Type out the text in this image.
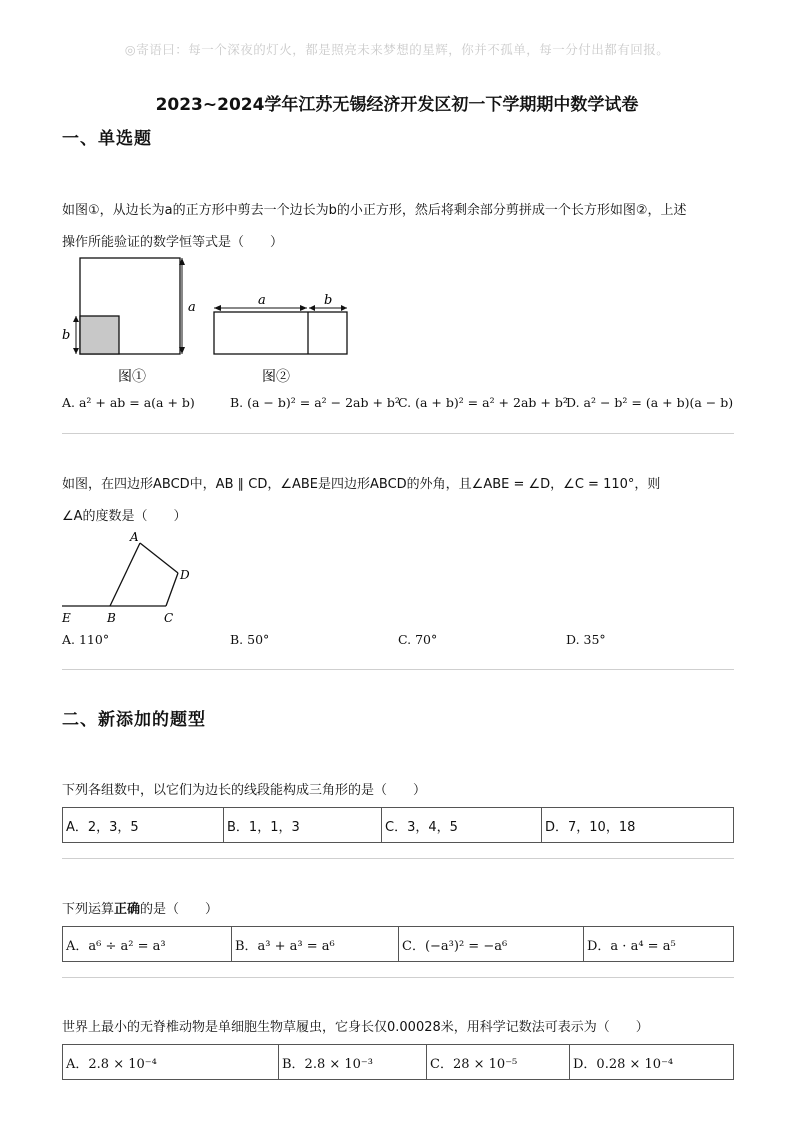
◎寄语曰：每一个深夜的灯火，都是照亮未来梦想的星辉，你并不孤单，每一分付出都有回报。
2023~2024学年江苏无锡经济开发区初一下学期期中数学试卷
一、单选题
如图①，从边长为a的正方形中剪去一个边长为b的小正方形，然后将剩余部分剪拼成一个长方形如图②，上述
操作所能验证的数学恒等式是（　　）
a
b
图①
a	b
图②
A. a² + ab = a(a + b)	B. (a − b)² = a² − 2ab + b²
C. (a + b)² = a² + 2ab + b²
D. a² − b² = (a + b)(a − b)
如图，在四边形ABCD中，AB ∥ CD，∠ABE是四边形ABCD的外角，且∠ABE = ∠D，∠C = 110°，则
∠A的度数是（　　）
A
D
B	C
E
A. 110°	B. 50°	C. 70°	D. 35°
二、新添加的题型
下列各组数中，以它们为边长的线段能构成三角形的是（　　）
A．2，3，5	B．1，1，3	C．3，4，5	D．7，10，18
下列运算正确的是（　　）
A．a⁶ ÷ a² = a³	B．a³ + a³ = a⁶	C．(−a³)² = −a⁶	D．a · a⁴ = a⁵
世界上最小的无脊椎动物是单细胞生物草履虫，它身长仅0.00028米，用科学记数法可表示为（　　）
A．2.8 × 10⁻⁴	B．2.8 × 10⁻³	C．28 × 10⁻⁵	D．0.28 × 10⁻⁴
